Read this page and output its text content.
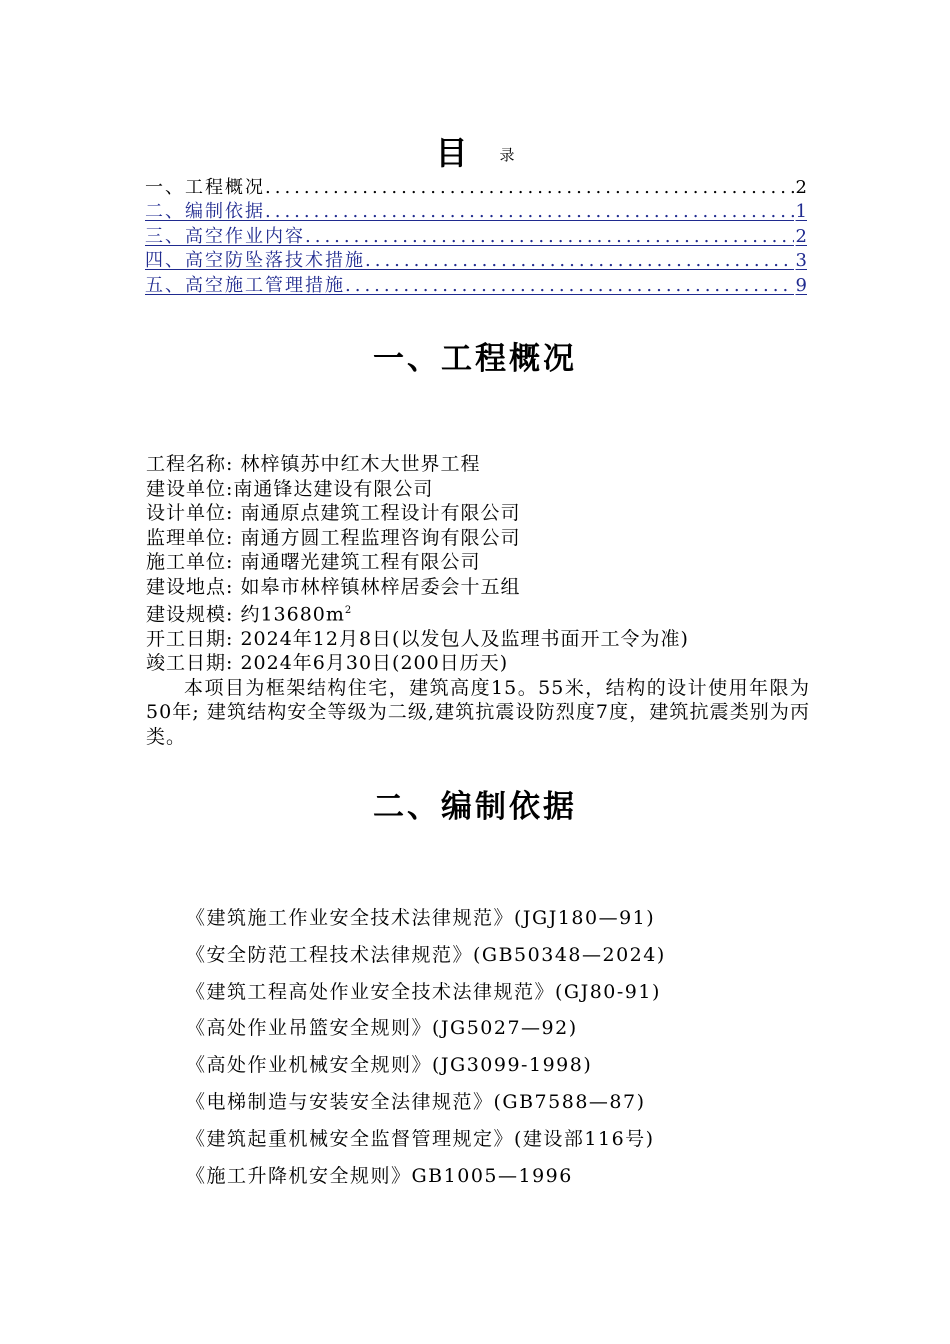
目 录
一、工程概况 .....	2
二、编制依据 .....	1
三、高空作业内容 .....	2
四、高空防坠落技术措施 .....	3
五、高空施工管理措施 .....	9
一、工程概况
工程名称: 林梓镇苏中红木大世界工程
建设单位:南通锋达建设有限公司
设计单位: 南通原点建筑工程设计有限公司
监理单位: 南通方圆工程监理咨询有限公司
施工单位: 南通曙光建筑工程有限公司
建设地点: 如皋市林梓镇林梓居委会十五组
建设规模: 约$13680m^2$
开工日期: 2024年12月8日(以发包人及监理书面开工令为准)
竣工日期: 2024年6月30日(200日历天)
本项目为框架结构住宅，建筑高度15。55米，结构的设计使用年限为50年; 建筑结构安全等级为二级,建筑抗震设防烈度7度，建筑抗震类别为丙类。
二、编制依据
《建筑施工作业安全技术法律规范》(JGJ180—91)
《安全防范工程技术法律规范》(GB50348—2024)
《建筑工程高处作业安全技术法律规范》(GJ80-91)
《高处作业吊篮安全规则》(JG5027—92)
《高处作业机械安全规则》(JG3099-1998)
《电梯制造与安装安全法律规范》(GB7588—87)
《建筑起重机械安全监督管理规定》(建设部116号)
《施工升降机安全规则》GB1005—1996
